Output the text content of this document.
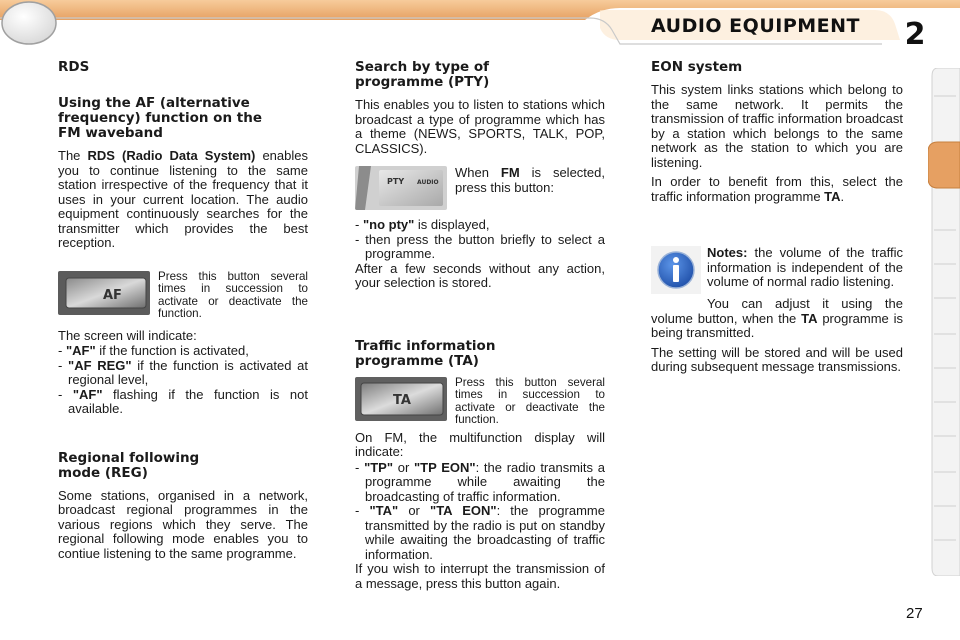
AUDIO EQUIPMENT	2
RDS
Using the AF (alternative frequency) function on the FM waveband

The RDS (Radio Data System) enables you to continue listening to the same station irrespective of the frequency that it uses in your current location. The audio equipment continuously searches for the transmitter which provides the best reception.

AF
Press this button several times in succession to activate or deactivate the function.

The screen will indicate:

- "AF" if the function is activated,

- "AF REG" if the function is activated at regional level,

- "AF" flashing if the function is not available.

Regional following mode (REG)

Some stations, organised in a network, broadcast regional programmes in the various regions which they serve. The regional following mode enables you to contiue listening to the same programme.

Search by type of programme (PTY)

This enables you to listen to stations which broadcast a type of programme which has a theme (NEWS, SPORTS, TALK, POP, CLASSICS).

PTY AUDIO
When FM is selected, press this button:

- "no pty" is displayed,

- then press the button briefly to select a programme.

After a few seconds without any action, your selection is stored.

Traffic information programme (TA)
TA
Press this button several times in succession to activate or deactivate the function.

On FM, the multifunction display will indicate:

- "TP" or "TP EON": the radio transmits a programme while awaiting the broadcasting of traffic information.

- "TA" or "TA EON": the programme transmitted by the radio is put on standby while awaiting the broadcasting of traffic information.

If you wish to interrupt the transmission of a message, press this button again.

EON system

This system links stations which belong to the same network. It permits the transmission of traffic information broadcast by a station which belongs to the same network as the station to which you are listening.

In order to benefit from this, select the traffic information programme TA.

Notes: the volume of the traffic information is independent of the volume of normal radio listening.

You can adjust it using the volume button, when the TA programme is being transmitted.

The setting will be stored and will be used during subsequent message transmissions.

27
